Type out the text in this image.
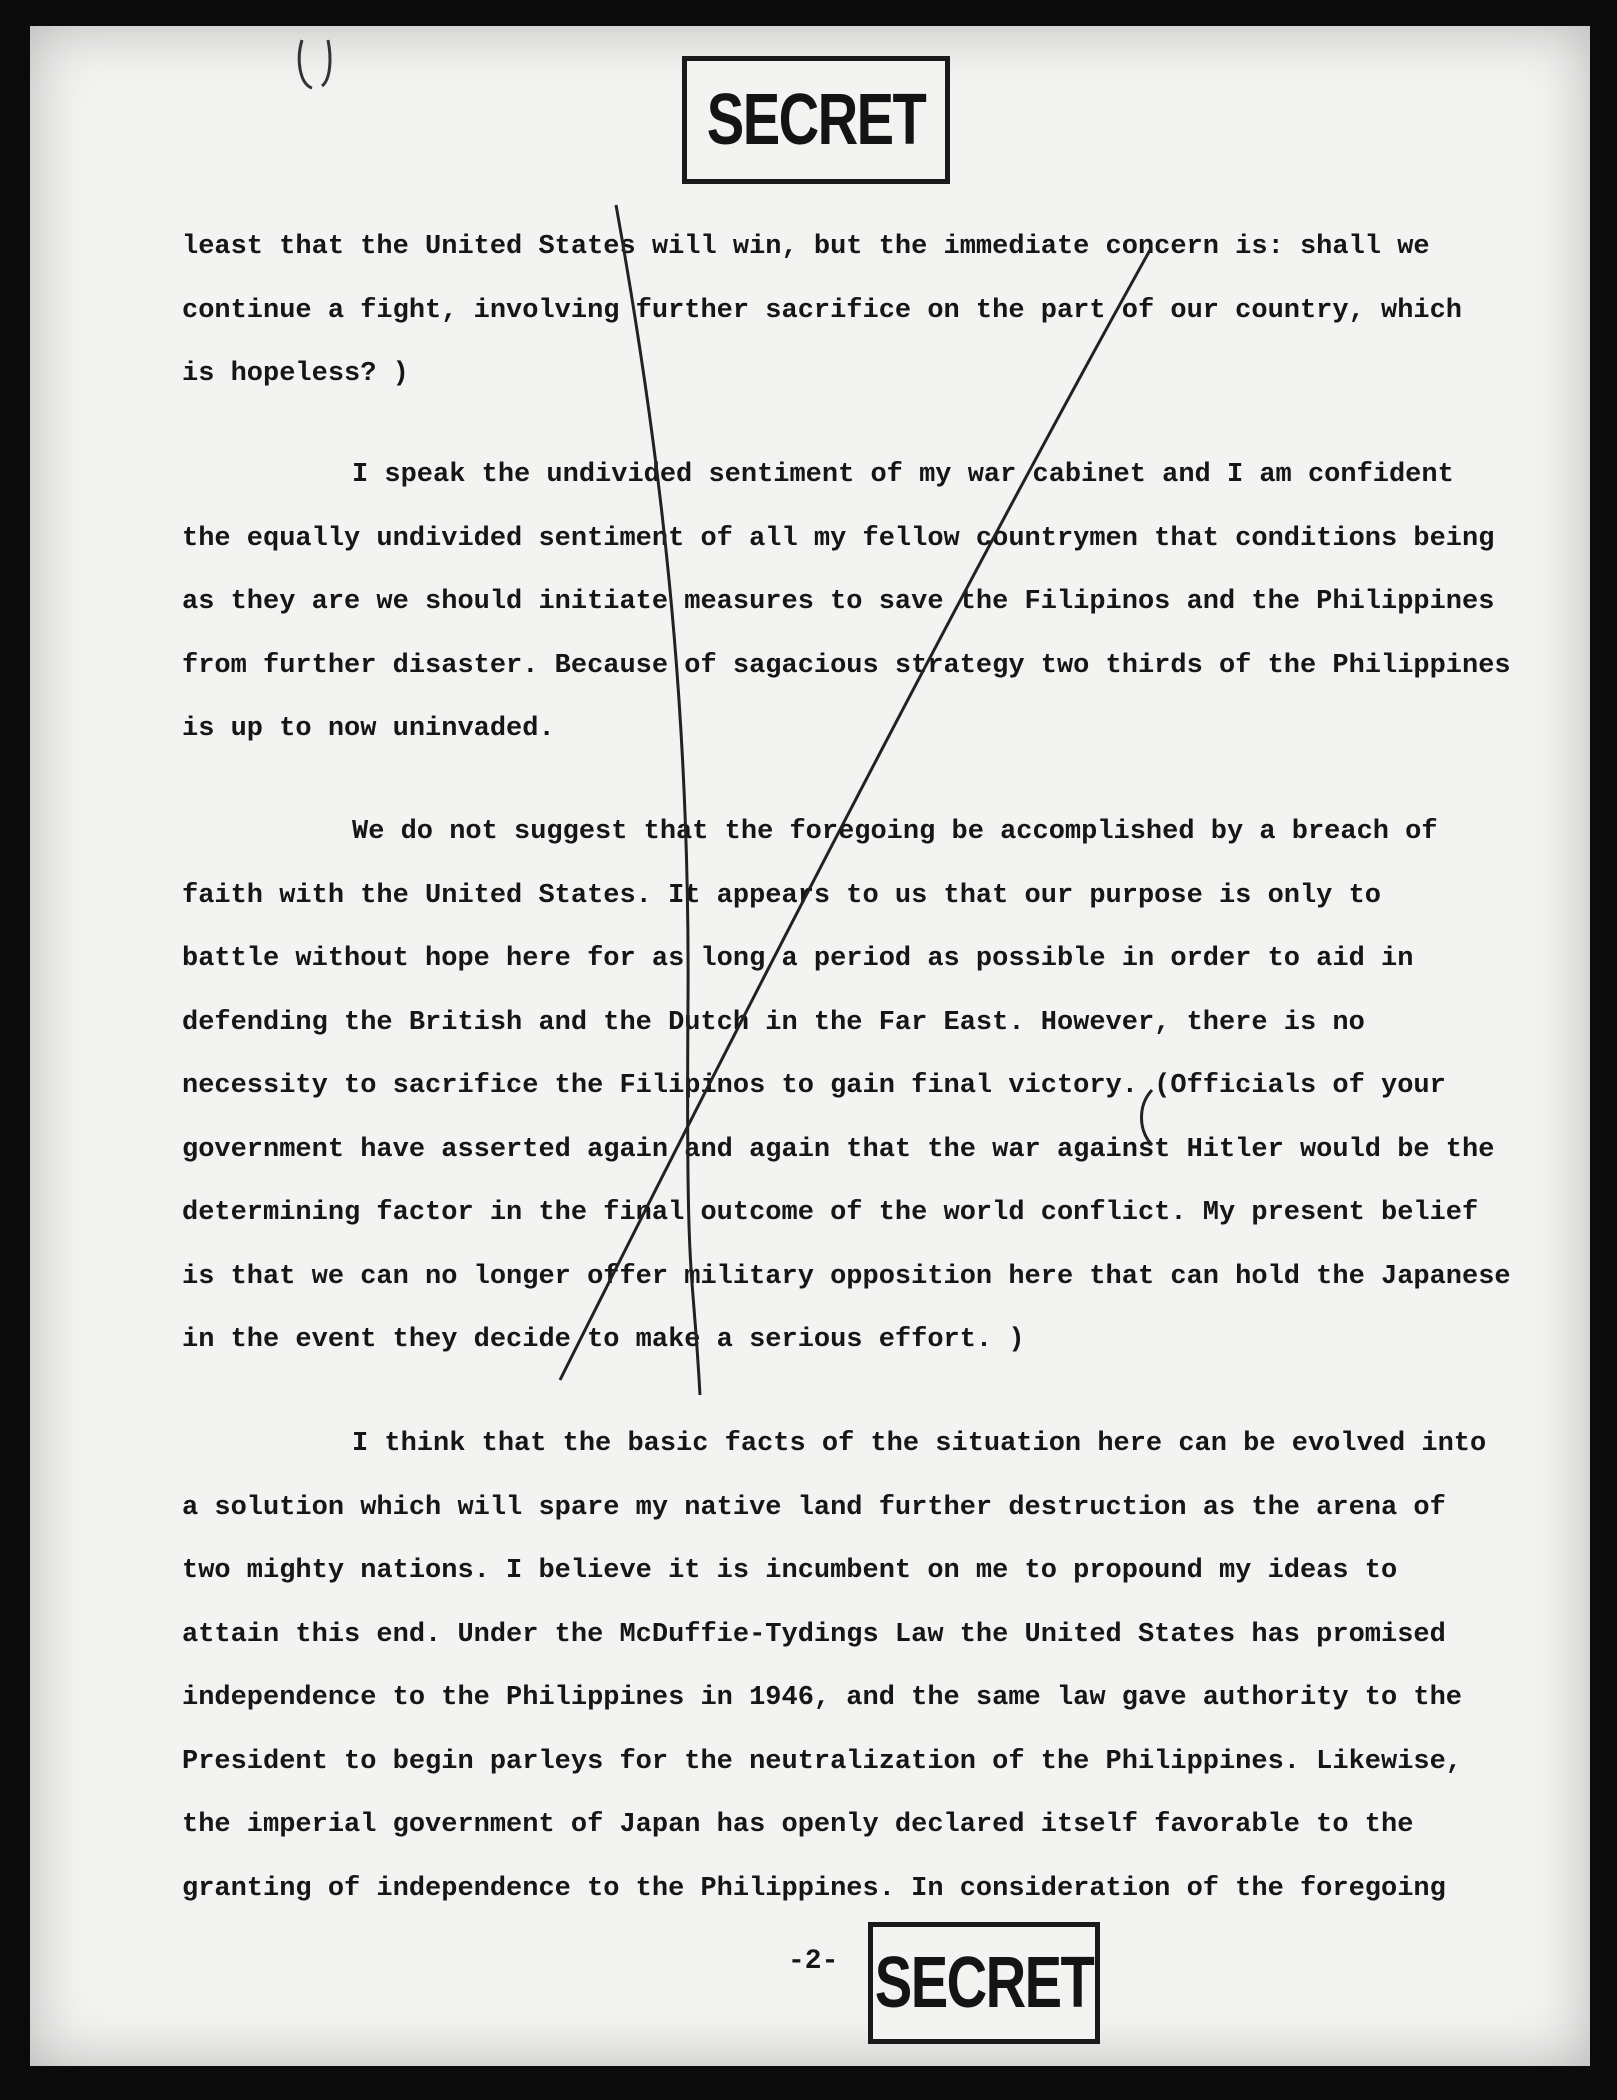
SECRET
least that the United States will win, but the immediate concern is: shall we
continue a fight, involving further sacrifice on the part of our country, which
is hopeless? )
I speak the undivided sentiment of my war cabinet and I am confident
the equally undivided sentiment of all my fellow countrymen that conditions being
as they are we should initiate measures to save the Filipinos and the Philippines
from further disaster. Because of sagacious strategy two thirds of the Philippines
is up to now uninvaded.
We do not suggest that the foregoing be accomplished by a breach of
faith with the United States. It appears to us that our purpose is only to
battle without hope here for as long a period as possible in order to aid in
defending the British and the Dutch in the Far East. However, there is no
necessity to sacrifice the Filipinos to gain final victory. (Officials of your
government have asserted again and again that the war against Hitler would be the
determining factor in the final outcome of the world conflict. My present belief
is that we can no longer offer military opposition here that can hold the Japanese
in the event they decide to make a serious effort. )
I think that the basic facts of the situation here can be evolved into
a solution which will spare my native land further destruction as the arena of
two mighty nations. I believe it is incumbent on me to propound my ideas to
attain this end. Under the McDuffie-Tydings Law the United States has promised
independence to the Philippines in 1946, and the same law gave authority to the
President to begin parleys for the neutralization of the Philippines. Likewise,
the imperial government of Japan has openly declared itself favorable to the
granting of independence to the Philippines. In consideration of the foregoing
-2- SECRET
